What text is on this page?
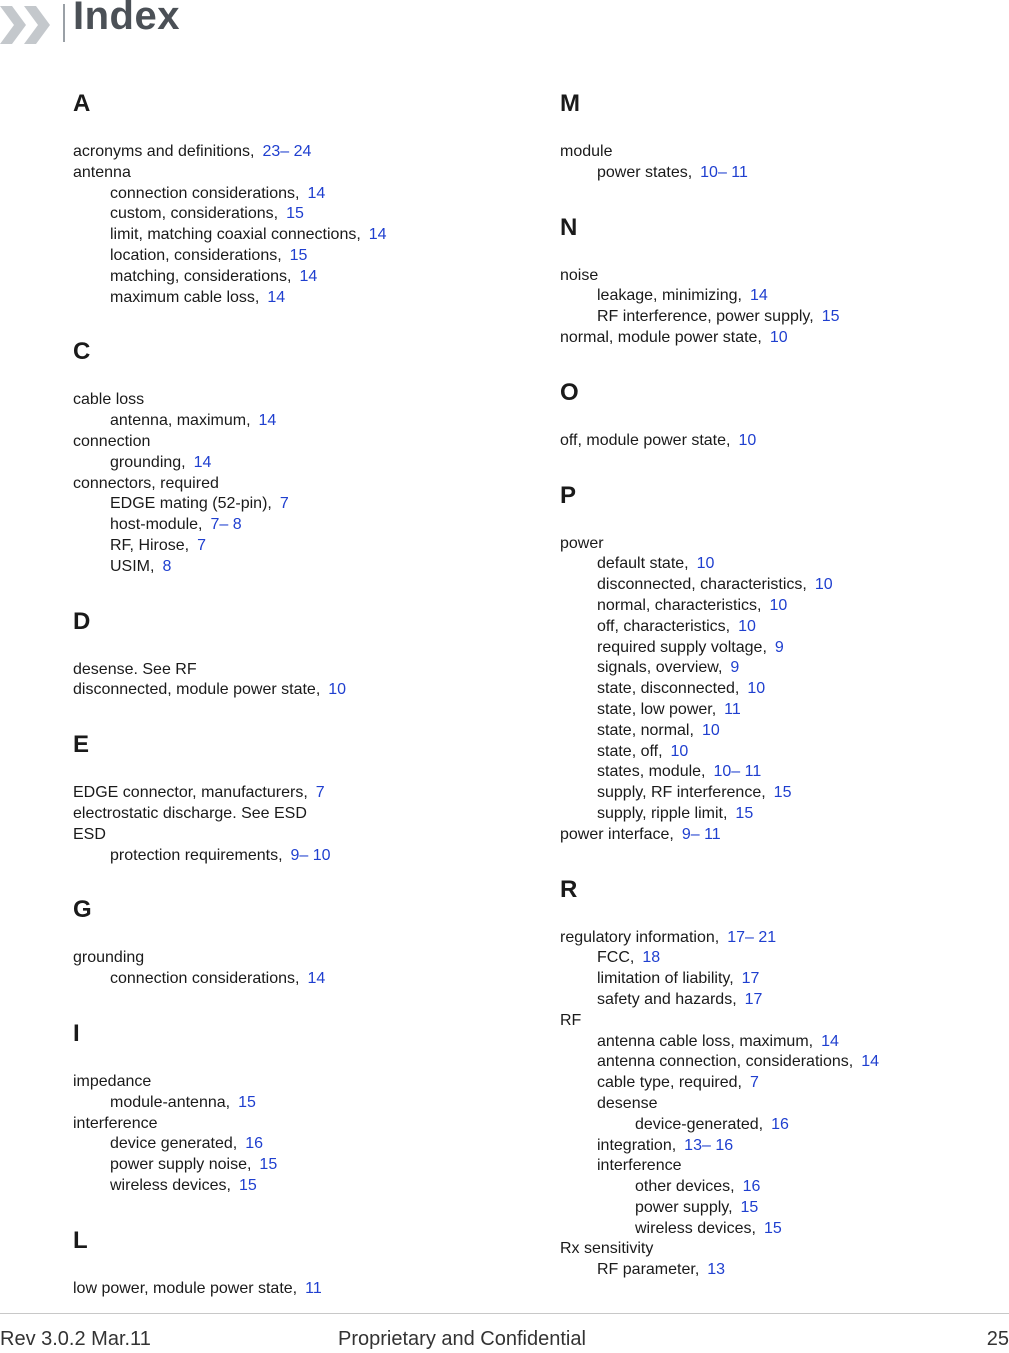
Index
A
acronyms and definitions, 23– 24
antenna
connection considerations, 14
custom, considerations, 15
limit, matching coaxial connections, 14
location, considerations, 15
matching, considerations, 14
maximum cable loss, 14
C
cable loss
antenna, maximum, 14
connection
grounding, 14
connectors, required
EDGE mating (52-pin), 7
host-module, 7– 8
RF, Hirose, 7
USIM, 8
D
desense. See RF
disconnected, module power state, 10
E
EDGE connector, manufacturers, 7
electrostatic discharge. See ESD
ESD
protection requirements, 9– 10
G
grounding
connection considerations, 14
I
impedance
module-antenna, 15
interference
device generated, 16
power supply noise, 15
wireless devices, 15
L
low power, module power state, 11
M
module
power states, 10– 11
N
noise
leakage, minimizing, 14
RF interference, power supply, 15
normal, module power state, 10
O
off, module power state, 10
P
power
default state, 10
disconnected, characteristics, 10
normal, characteristics, 10
off, characteristics, 10
required supply voltage, 9
signals, overview, 9
state, disconnected, 10
state, low power, 11
state, normal, 10
state, off, 10
states, module, 10– 11
supply, RF interference, 15
supply, ripple limit, 15
power interface, 9– 11
R
regulatory information, 17– 21
FCC, 18
limitation of liability, 17
safety and hazards, 17
RF
antenna cable loss, maximum, 14
antenna connection, considerations, 14
cable type, required, 7
desense
device-generated, 16
integration, 13– 16
interference
other devices, 16
power supply, 15
wireless devices, 15
Rx sensitivity
RF parameter, 13
Rev 3.0.2 Mar.11	Proprietary and Confidential	25
